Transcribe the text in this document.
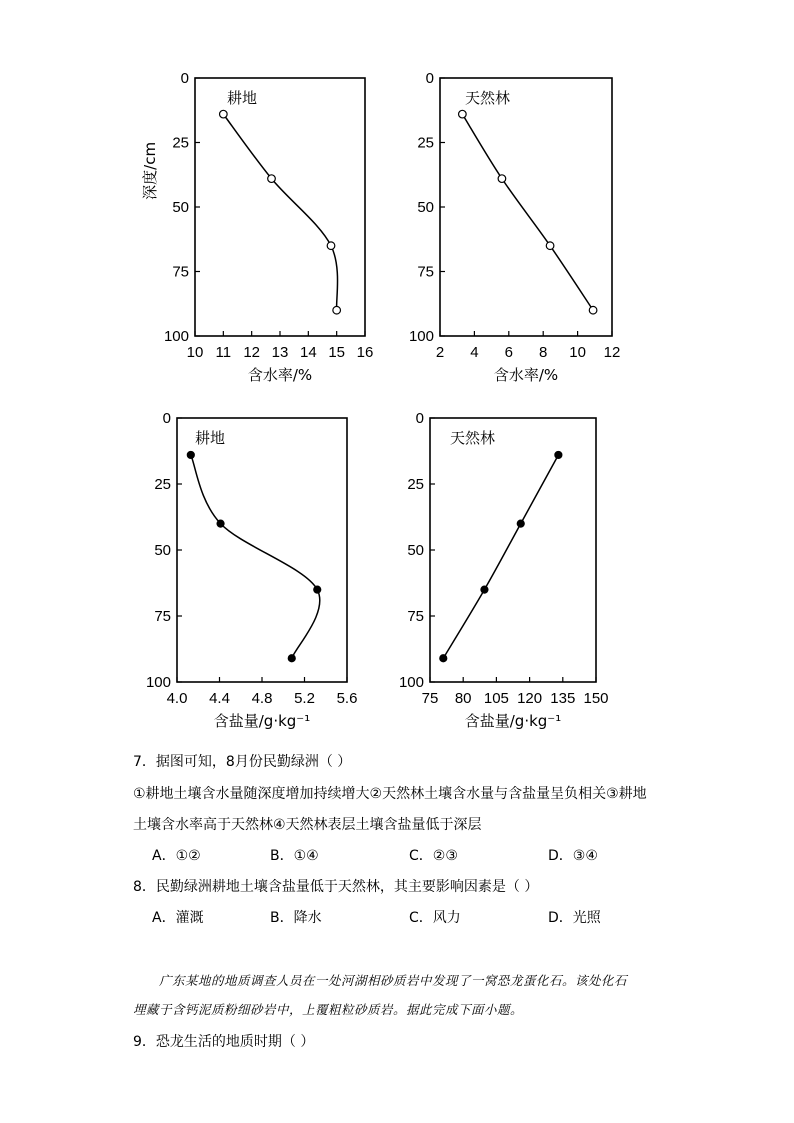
0
25
50
75
100
10 11 12 13 14 15 16
含水率/%
深度/cm
耕地
0
25
50
75
100
2 4 6 8 10 12
含水率/%
天然林
0
25
50
75
100
4.0 4.4 4.8 5.2 5.6
含盐量/g·kg⁻¹
耕地
0
25
50
75
100
75 80 105 120 135 150
含盐量/g·kg⁻¹
天然林
7．据图可知，8月份民勤绿洲（ ）
①耕地土壤含水量随深度增加持续增大②天然林土壤含水量与含盐量呈负相关③耕地
土壤含水率高于天然林④天然林表层土壤含盐量低于深层
A．①②	B．①④	C．②③	D．③④
8．民勤绿洲耕地土壤含盐量低于天然林，其主要影响因素是（ ）
A．灌溉	B．降水	C．风力	D．光照

广东某地的地质调查人员在一处河湖相砂质岩中发现了一窝恐龙蛋化石。该处化石

埋藏于含钙泥质粉细砂岩中，上覆粗粒砂质岩。据此完成下面小题。

9．恐龙生活的地质时期（ ）
